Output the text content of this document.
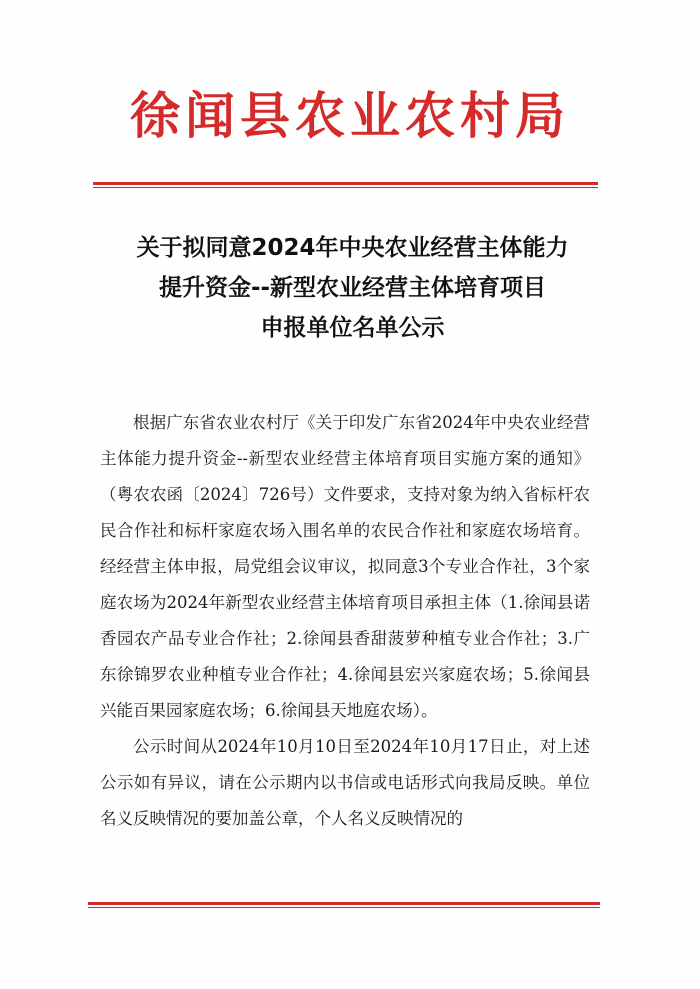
徐闻县农业农村局
关于拟同意2024年中央农业经营主体能力
提升资金--新型农业经营主体培育项目
申报单位名单公示

根据广东省农业农村厅《关于印发广东省2024年中央农业经营主体能力提升资金--新型农业经营主体培育项目实施方案的通知》（粤农农函〔2024〕726号）文件要求，支持对象为纳入省标杆农民合作社和标杆家庭农场入围名单的农民合作社和家庭农场培育。经经营主体申报，局党组会议审议，拟同意3个专业合作社，3个家庭农场为2024年新型农业经营主体培育项目承担主体（1.徐闻县诺香园农产品专业合作社；2.徐闻县香甜菠萝种植专业合作社；3.广东徐锦罗农业种植专业合作社；4.徐闻县宏兴家庭农场；5.徐闻县兴能百果园家庭农场；6.徐闻县天地庭农场）。

公示时间从2024年10月10日至2024年10月17日止，对上述公示如有异议，请在公示期内以书信或电话形式向我局反映。单位名义反映情况的要加盖公章，个人名义反映情况的
